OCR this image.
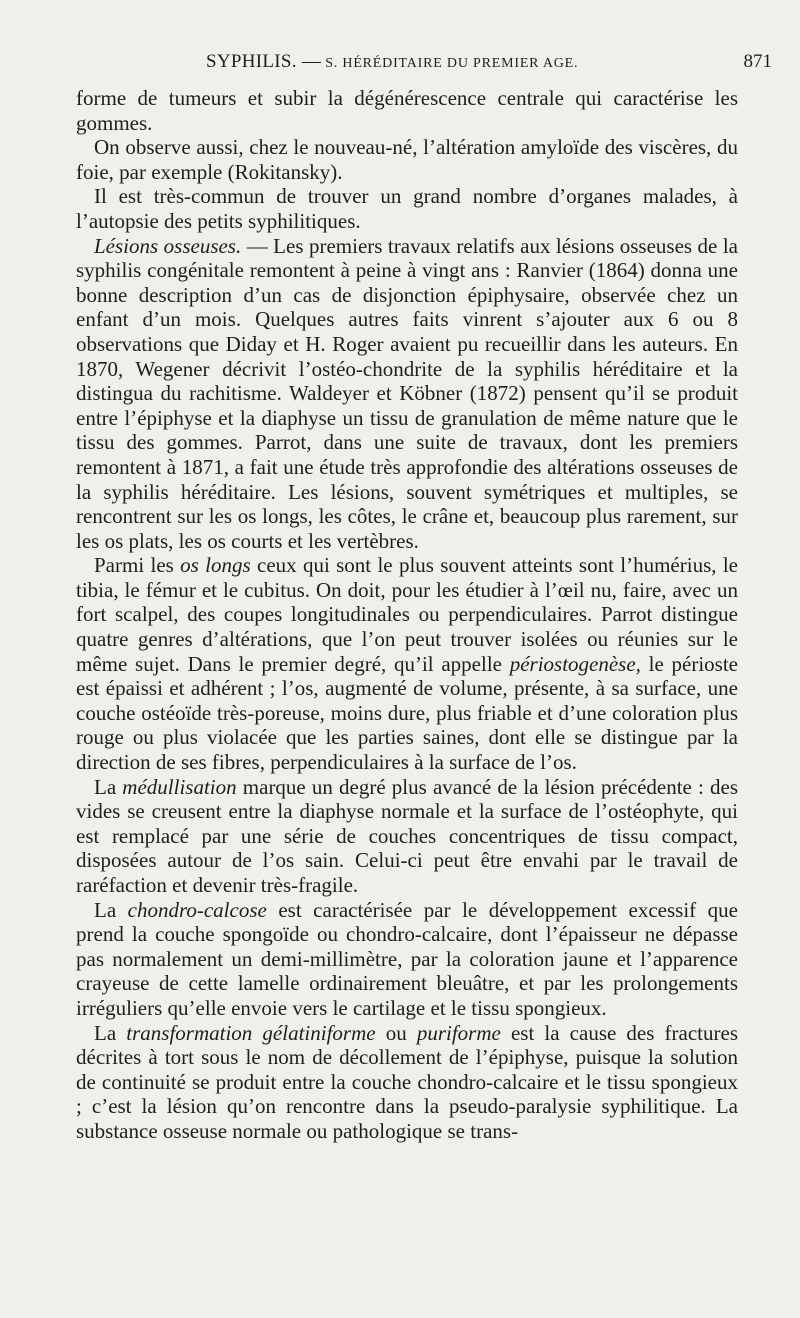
SYPHILIS. — S. HÉRÉDITAIRE DU PREMIER AGE.	871

forme de tumeurs et subir la dégénérescence centrale qui caractérise les gommes.

On observe aussi, chez le nouveau-né, l’altération amyloïde des viscères, du foie, par exemple (Rokitansky).

Il est très-commun de trouver un grand nombre d’organes malades, à l’autopsie des petits syphilitiques.

Lésions osseuses. — Les premiers travaux relatifs aux lésions osseuses de la syphilis congénitale remontent à peine à vingt ans : Ranvier (1864) donna une bonne description d’un cas de disjonction épiphysaire, observée chez un enfant d’un mois. Quelques autres faits vinrent s’ajouter aux 6 ou 8 observations que Diday et H. Roger avaient pu recueillir dans les auteurs. En 1870, Wegener décrivit l’ostéo-chondrite de la syphilis héréditaire et la distingua du rachitisme. Waldeyer et Köbner (1872) pensent qu’il se produit entre l’épiphyse et la diaphyse un tissu de granulation de même nature que le tissu des gommes. Parrot, dans une suite de travaux, dont les premiers remontent à 1871, a fait une étude très approfondie des altérations osseuses de la syphilis héréditaire. Les lésions, souvent symétriques et multiples, se rencontrent sur les os longs, les côtes, le crâne et, beaucoup plus rarement, sur les os plats, les os courts et les vertèbres.

Parmi les os longs ceux qui sont le plus souvent atteints sont l’humérius, le tibia, le fémur et le cubitus. On doit, pour les étudier à l’œil nu, faire, avec un fort scalpel, des coupes longitudinales ou perpendiculaires. Parrot distingue quatre genres d’altérations, que l’on peut trouver isolées ou réunies sur le même sujet. Dans le premier degré, qu’il appelle périostogenèse, le périoste est épaissi et adhérent ; l’os, augmenté de volume, présente, à sa surface, une couche ostéoïde très-poreuse, moins dure, plus friable et d’une coloration plus rouge ou plus violacée que les parties saines, dont elle se distingue par la direction de ses fibres, perpendiculaires à la surface de l’os.

La médullisation marque un degré plus avancé de la lésion précédente : des vides se creusent entre la diaphyse normale et la surface de l’ostéophyte, qui est remplacé par une série de couches concentriques de tissu compact, disposées autour de l’os sain. Celui-ci peut être envahi par le travail de raréfaction et devenir très-fragile.

La chondro-calcose est caractérisée par le développement excessif que prend la couche spongoïde ou chondro-calcaire, dont l’épaisseur ne dépasse pas normalement un demi-millimètre, par la coloration jaune et l’apparence crayeuse de cette lamelle ordinairement bleuâtre, et par les prolongements irréguliers qu’elle envoie vers le cartilage et le tissu spongieux.

La transformation gélatiniforme ou puriforme est la cause des fractures décrites à tort sous le nom de décollement de l’épiphyse, puisque la solution de continuité se produit entre la couche chondro-calcaire et le tissu spongieux ; c’est la lésion qu’on rencontre dans la pseudo-paralysie syphilitique. La substance osseuse normale ou pathologique se trans-
